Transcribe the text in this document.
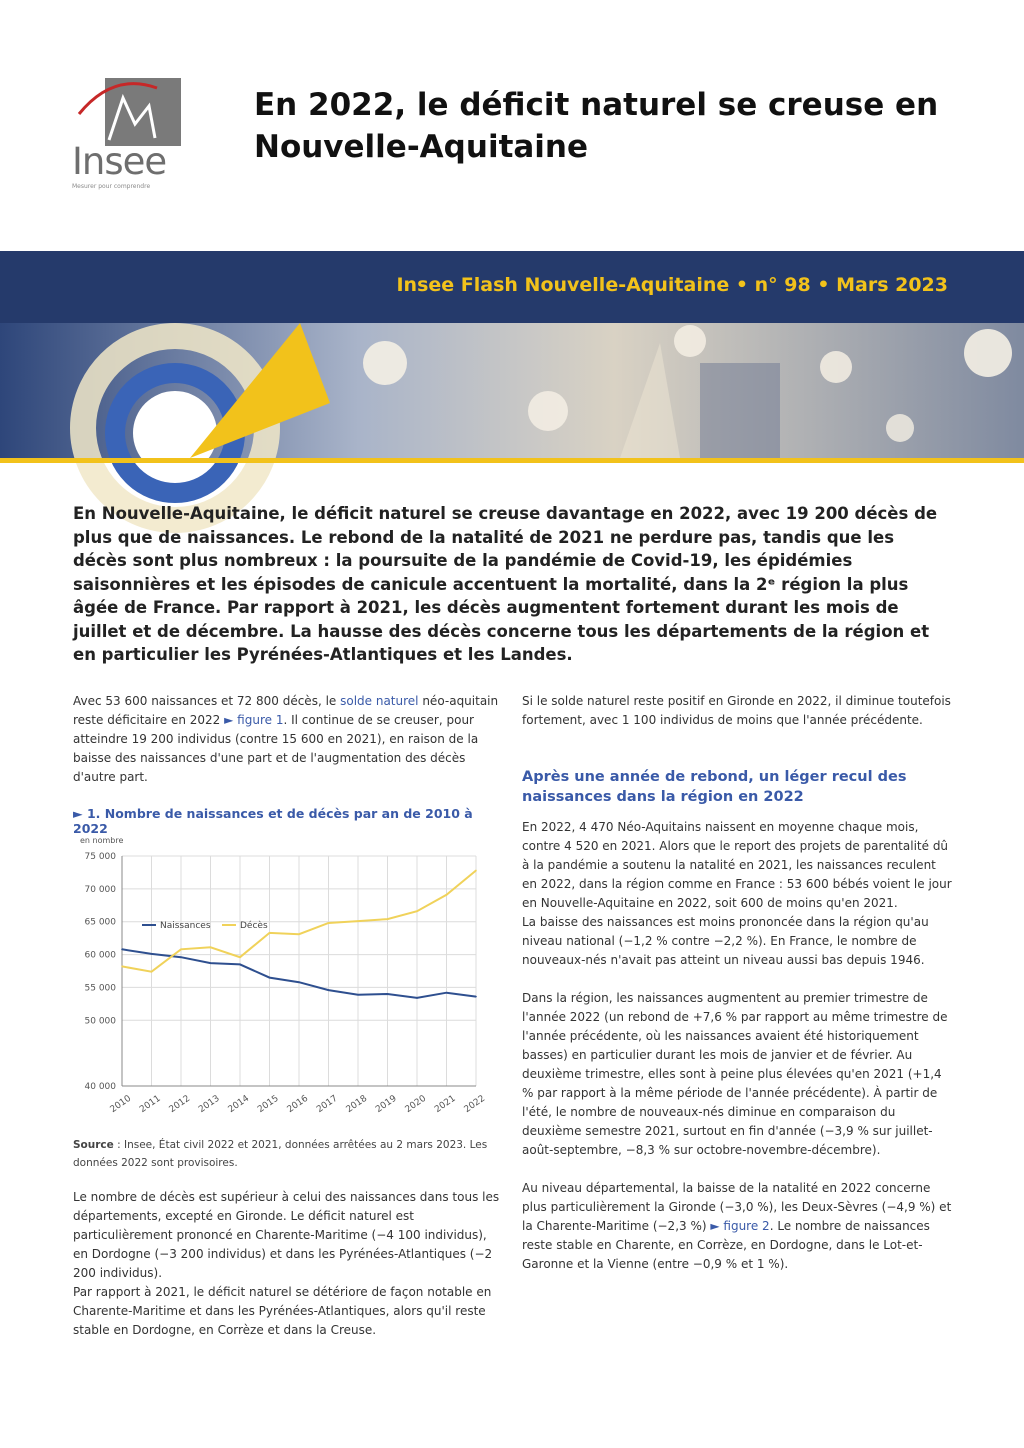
Insee
Mesurer pour comprendre
En 2022, le déficit naturel se creuse en Nouvelle-Aquitaine
Insee Flash Nouvelle-Aquitaine • n° 98 • Mars 2023

En Nouvelle-Aquitaine, le déficit naturel se creuse davantage en 2022, avec 19 200 décès de plus que de naissances. Le rebond de la natalité de 2021 ne perdure pas, tandis que les décès sont plus nombreux : la poursuite de la pandémie de Covid-19, les épidémies saisonnières et les épisodes de canicule accentuent la mortalité, dans la 2ᵉ région la plus âgée de France. Par rapport à 2021, les décès augmentent fortement durant les mois de juillet et de décembre. La hausse des décès concerne tous les départements de la région et en particulier les Pyrénées-Atlantiques et les Landes.

Avec 53 600 naissances et 72 800 décès, le solde naturel néo-aquitain reste déficitaire en 2022 ► figure 1. Il continue de se creuser, pour atteindre 19 200 individus (contre 15 600 en 2021), en raison de la baisse des naissances d'une part et de l'augmentation des décès d'autre part.

► 1. Nombre de naissances et de décès par an de 2010 à 2022
en nombre
40 000
50 000
55 000
60 000
65 000
70 000
75 000
2010 2011 2012 2013 2014 2015 2016 2017 2018 2019 2020 2021 2022
Naissances	Décès
Source : Insee, État civil 2022 et 2021, données arrêtées au 2 mars 2023. Les données 2022 sont provisoires.

Le nombre de décès est supérieur à celui des naissances dans tous les départements, excepté en Gironde. Le déficit naturel est particulièrement prononcé en Charente-Maritime (−4 100 individus), en Dordogne (−3 200 individus) et dans les Pyrénées-Atlantiques (−2 200 individus).

Par rapport à 2021, le déficit naturel se détériore de façon notable en Charente-Maritime et dans les Pyrénées-Atlantiques, alors qu'il reste stable en Dordogne, en Corrèze et dans la Creuse.

Si le solde naturel reste positif en Gironde en 2022, il diminue toutefois fortement, avec 1 100 individus de moins que l'année précédente.

Après une année de rebond, un léger recul des naissances dans la région en 2022

En 2022, 4 470 Néo-Aquitains naissent en moyenne chaque mois, contre 4 520 en 2021. Alors que le report des projets de parentalité dû à la pandémie a soutenu la natalité en 2021, les naissances reculent en 2022, dans la région comme en France : 53 600 bébés voient le jour en Nouvelle-Aquitaine en 2022, soit 600 de moins qu'en 2021.

La baisse des naissances est moins prononcée dans la région qu'au niveau national (−1,2 % contre −2,2 %). En France, le nombre de nouveaux-nés n'avait pas atteint un niveau aussi bas depuis 1946.

Dans la région, les naissances augmentent au premier trimestre de l'année 2022 (un rebond de +7,6 % par rapport au même trimestre de l'année précédente, où les naissances avaient été historiquement basses) en particulier durant les mois de janvier et de février. Au deuxième trimestre, elles sont à peine plus élevées qu'en 2021 (+1,4 % par rapport à la même période de l'année précédente). À partir de l'été, le nombre de nouveaux-nés diminue en comparaison du deuxième semestre 2021, surtout en fin d'année (−3,9 % sur juillet-août-septembre, −8,3 % sur octobre-novembre-décembre).

Au niveau départemental, la baisse de la natalité en 2022 concerne plus particulièrement la Gironde (−3,0 %), les Deux-Sèvres (−4,9 %) et la Charente-Maritime (−2,3 %) ► figure 2. Le nombre de naissances reste stable en Charente, en Corrèze, en Dordogne, dans le Lot-et-Garonne et la Vienne (entre −0,9 % et 1 %).
